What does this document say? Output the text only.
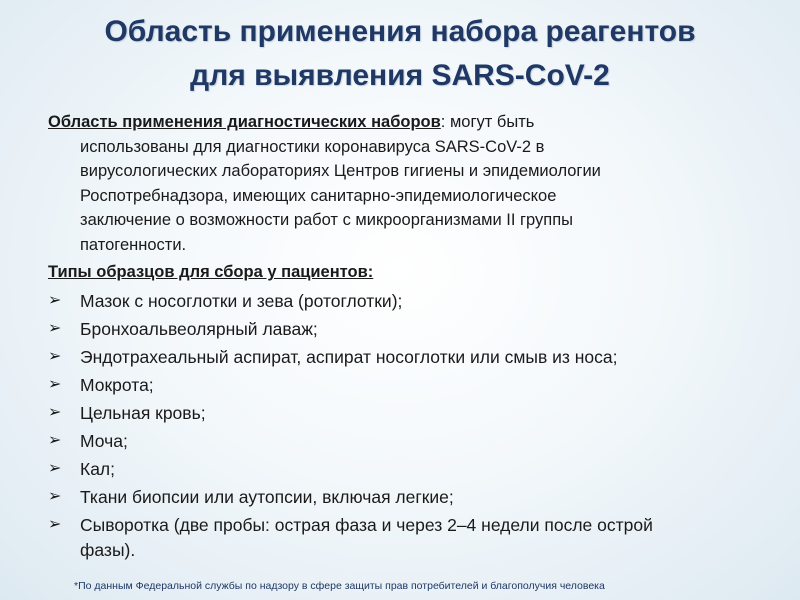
Область применения набора реагентов
для выявления SARS-CoV-2

Область применения диагностических наборов: могут быть
использованы для диагностики коронавируса SARS-CoV-2 в
вирусологических лабораториях Центров гигиены и эпидемиологии
Роспотребнадзора, имеющих санитарно-эпидемиологическое
заключение о возможности работ с микроорганизмами II группы
патогенности.

Типы образцов для сбора у пациентов:
➢ Мазок с носоглотки и зева (ротоглотки);
➢ Бронхоальвеолярный лаваж;
➢ Эндотрахеальный аспират, аспират носоглотки или смыв из носа;
➢ Мокрота;
➢ Цельная кровь;
➢ Моча;
➢ Кал;
➢ Ткани биопсии или аутопсии, включая легкие;
➢ Сыворотка (две пробы: острая фаза и через 2–4 недели после острой
фазы).
*По данным Федеральной службы по надзору в сфере защиты прав потребителей и благополучия человека
